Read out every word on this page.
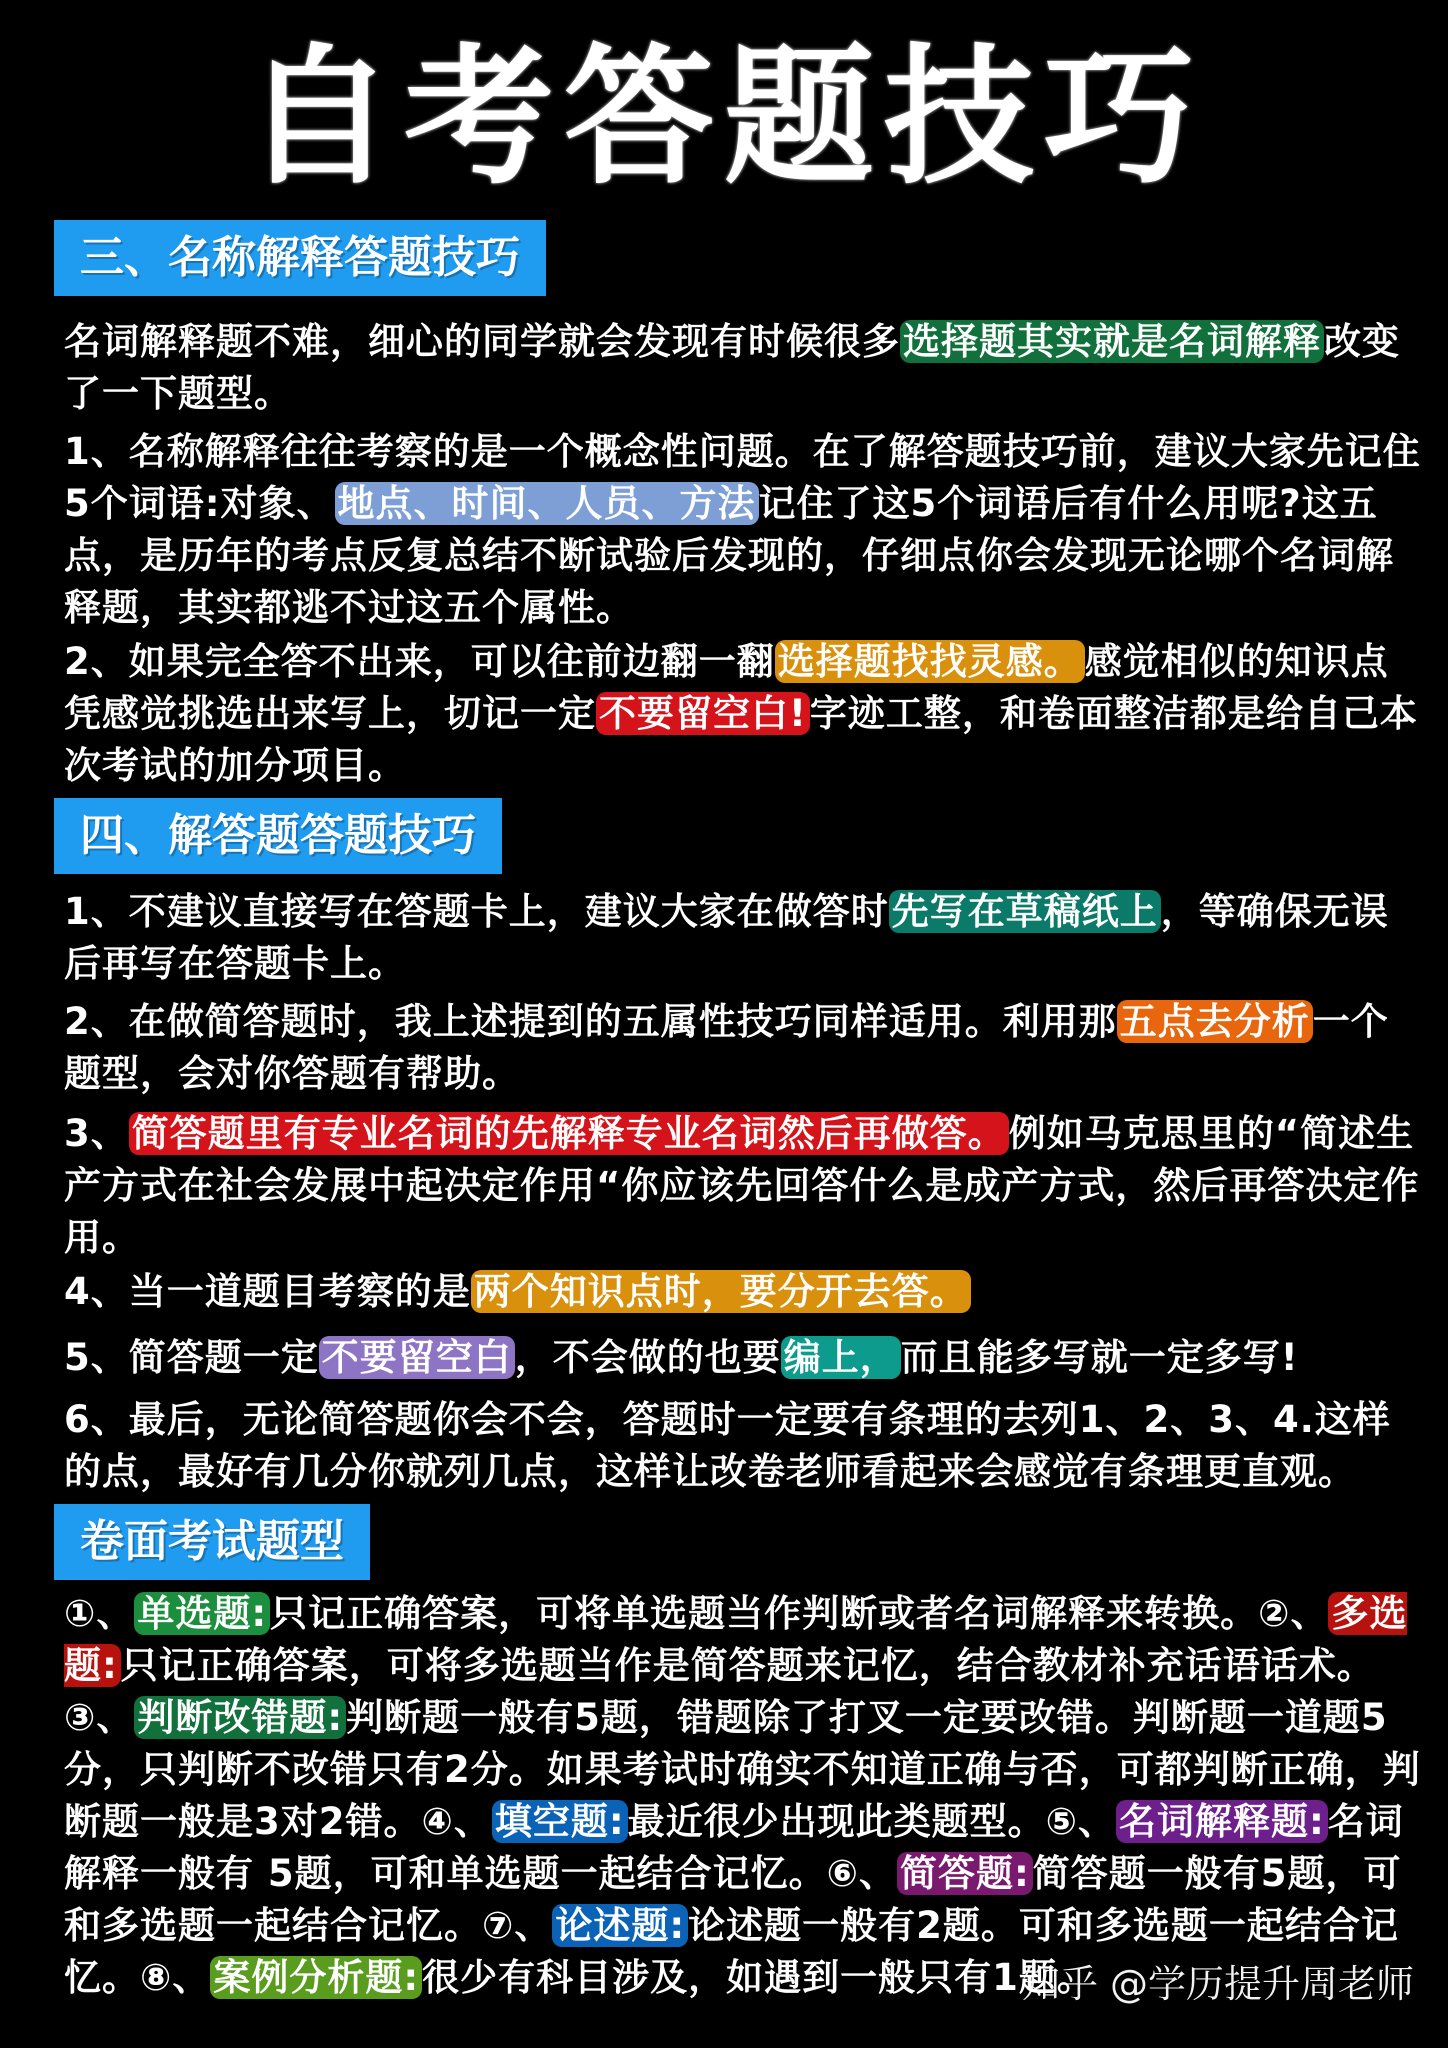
自考答题技巧
三、名称解释答题技巧
名词解释题不难，细心的同学就会发现有时候很多选择题其实就是名词解释改变了一下题型。
1、名称解释往往考察的是一个概念性问题。在了解答题技巧前，建议大家先记住5个词语:对象、地点、时间、人员、方法记住了这5个词语后有什么用呢?这五点，是历年的考点反复总结不断试验后发现的，仔细点你会发现无论哪个名词解释题，其实都逃不过这五个属性。
2、如果完全答不出来，可以往前边翻一翻选择题找找灵感。感觉相似的知识点凭感觉挑选出来写上，切记一定不要留空白!字迹工整，和卷面整洁都是给自己本次考试的加分项目。
四、解答题答题技巧
1、不建议直接写在答题卡上，建议大家在做答时先写在草稿纸上，等确保无误后再写在答题卡上。
2、在做简答题时，我上述提到的五属性技巧同样适用。利用那五点去分析一个题型，会对你答题有帮助。
3、简答题里有专业名词的先解释专业名词然后再做答。例如马克思里的“简述生产方式在社会发展中起决定作用“你应该先回答什么是成产方式，然后再答决定作用。
4、当一道题目考察的是两个知识点时，要分开去答。
5、简答题一定不要留空白，不会做的也要编上，而且能多写就一定多写!
6、最后，无论简答题你会不会，答题时一定要有条理的去列1、2、3、4.这样的点，最好有几分你就列几点，这样让改卷老师看起来会感觉有条理更直观。
卷面考试题型
①、单选题:只记正确答案，可将单选题当作判断或者名词解释来转换。②、多选题:只记正确答案，可将多选题当作是简答题来记忆，结合教材补充话语话术。③、判断改错题:判断题一般有5题，错题除了打叉一定要改错。判断题一道题5分，只判断不改错只有2分。如果考试时确实不知道正确与否，可都判断正确，判断题一般是3对2错。④、填空题:最近很少出现此类题型。⑤、名词解释题:名词解释一般有 5题，可和单选题一起结合记忆。⑥、简答题:简答题一般有5题，可和多选题一起结合记忆。⑦、论述题:论述题一般有2题。可和多选题一起结合记忆。⑧、案例分析题:很少有科目涉及，如遇到一般只有1题。
知乎 @学历提升周老师
